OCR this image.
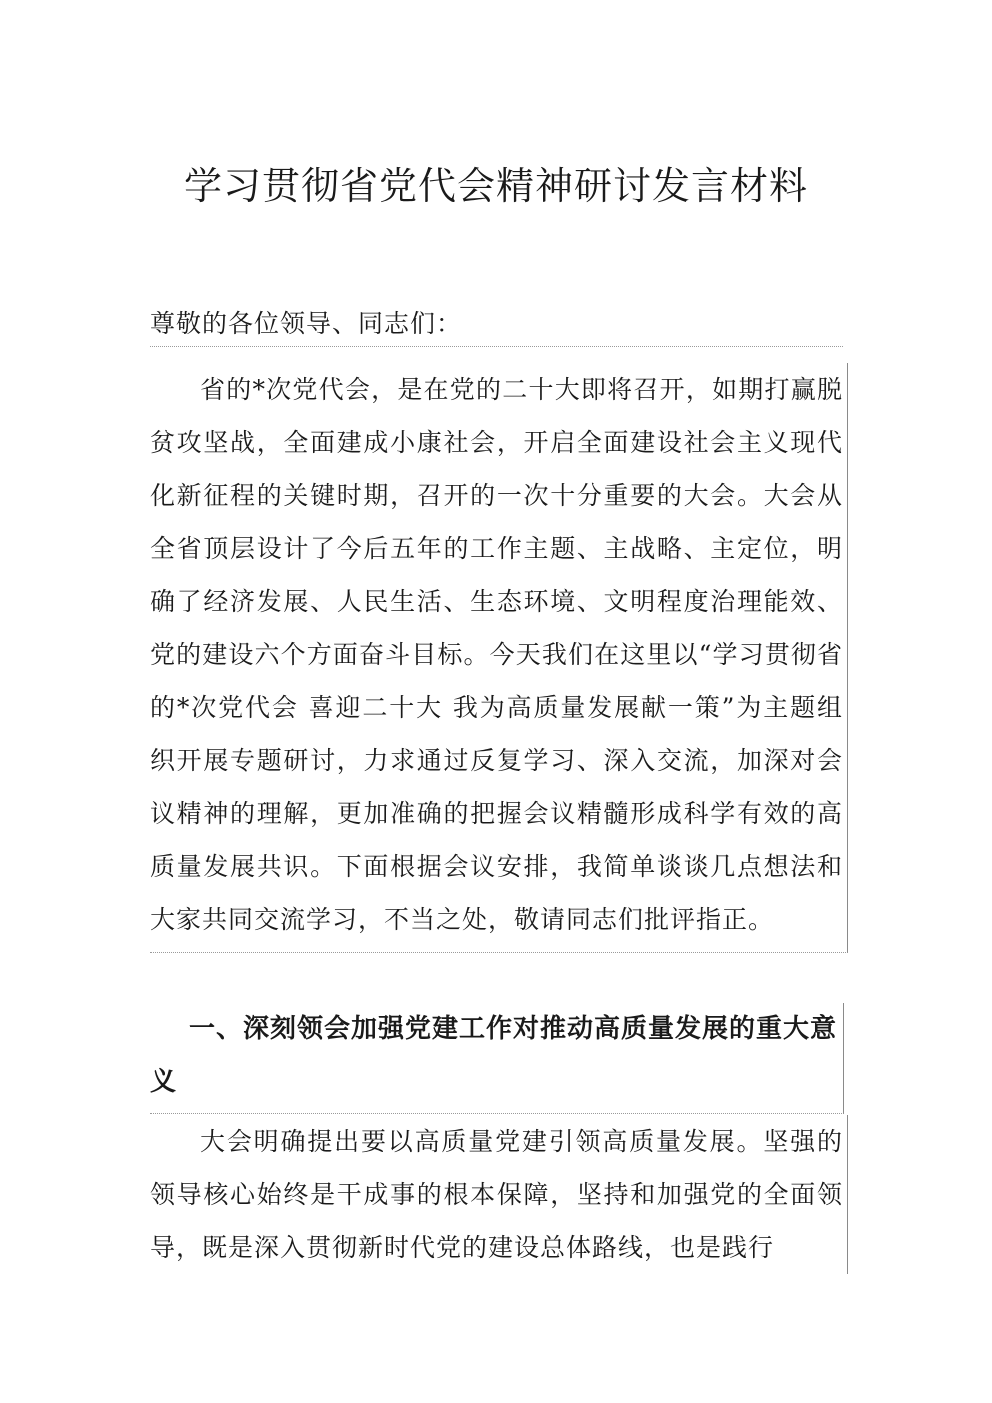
学习贯彻省党代会精神研讨发言材料
尊敬的各位领导、同志们：

省的*次党代会，是在党的二十大即将召开，如期打赢脱贫攻坚战，全面建成小康社会，开启全面建设社会主义现代化新征程的关键时期，召开的一次十分重要的大会。大会从全省顶层设计了今后五年的工作主题、主战略、主定位，明确了经济发展、人民生活、生态环境、文明程度治理能效、党的建设六个方面奋斗目标。今天我们在这里以“学习贯彻省的*次党代会 喜迎二十大 我为高质量发展献一策”为主题组织开展专题研讨，力求通过反复学习、深入交流，加深对会议精神的理解，更加准确的把握会议精髓形成科学有效的高质量发展共识。下面根据会议安排，我简单谈谈几点想法和大家共同交流学习，不当之处，敬请同志们批评指正。

一、深刻领会加强党建工作对推动高质量发展的重大意义

大会明确提出要以高质量党建引领高质量发展。坚强的领导核心始终是干成事的根本保障，坚持和加强党的全面领导，既是深入贯彻新时代党的建设总体路线，也是践行
